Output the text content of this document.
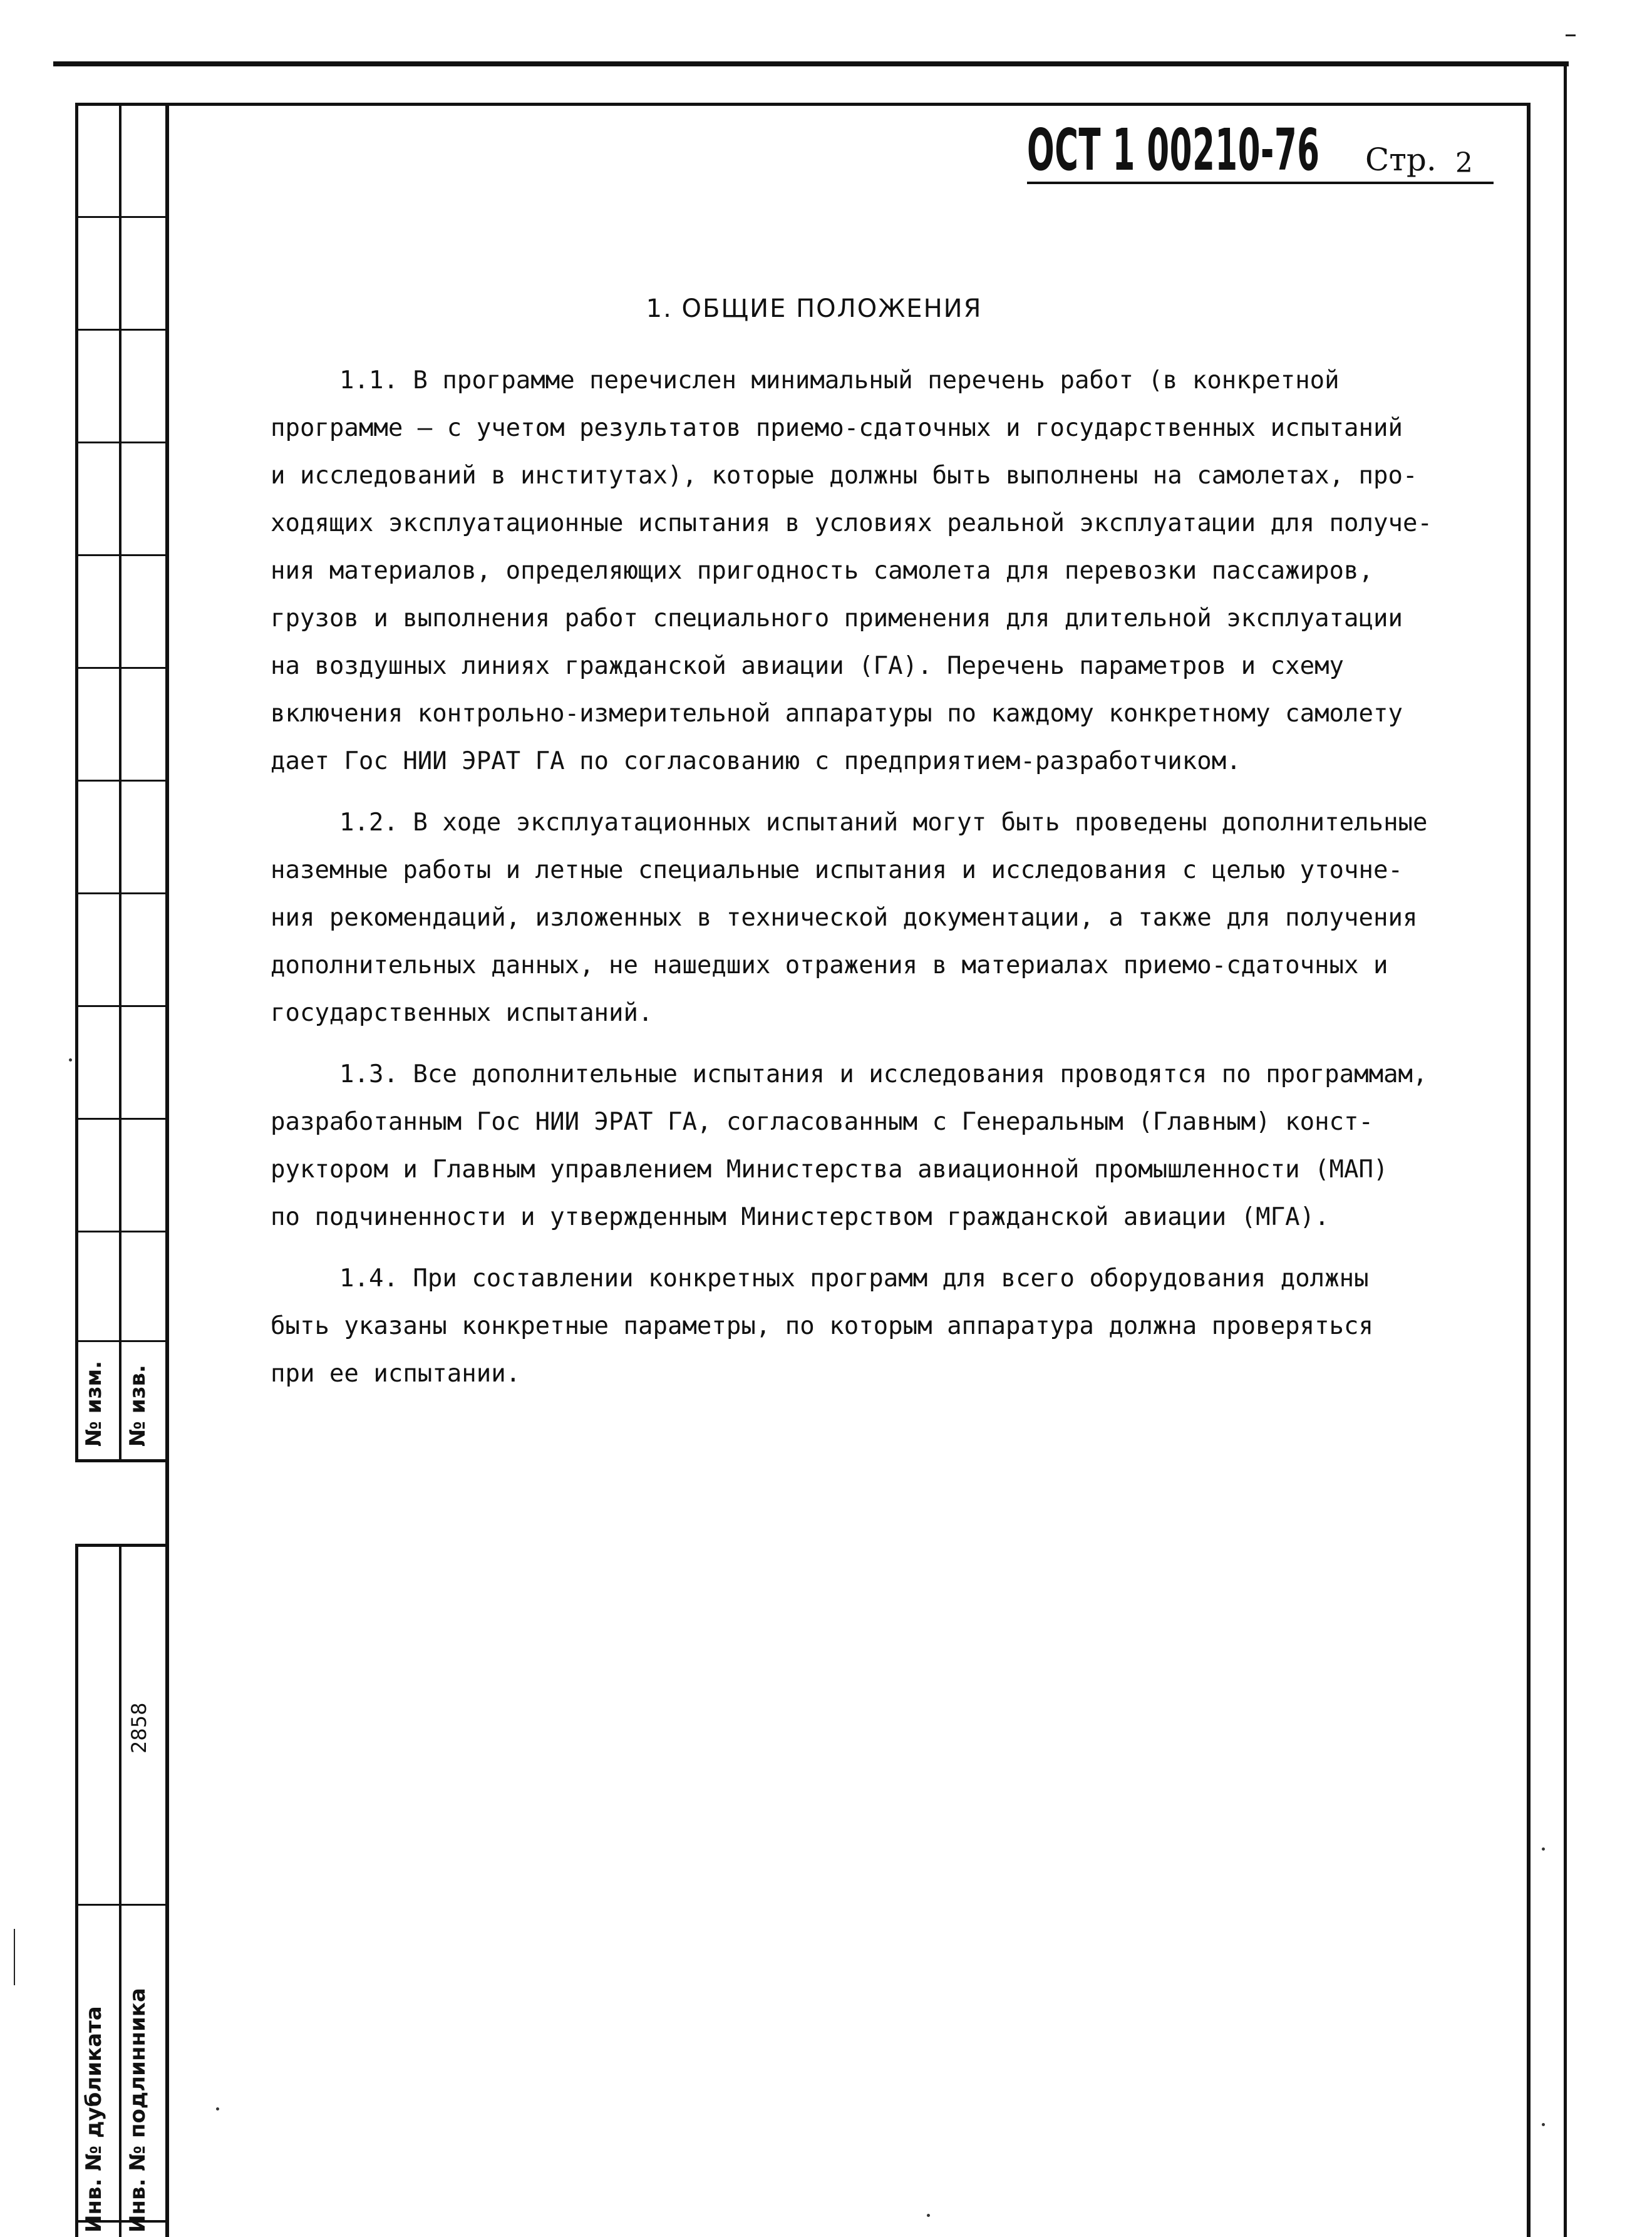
№ изм. № изв.
2858
Инв. № дубликата Инв. № подлинника
ОСТ 1 00210-76 Стр. 2
1. ОБЩИЕ ПОЛОЖЕНИЯ

1.1. В программе перечислен минимальный перечень работ (в конкретной
программе – с учетом результатов приемо-сдаточных и государственных испытаний
и исследований в институтах), которые должны быть выполнены на самолетах, про-
ходящих эксплуатационные испытания в условиях реальной эксплуатации для получе-
ния материалов, определяющих пригодность самолета для перевозки пассажиров,
грузов и выполнения работ специального применения для длительной эксплуатации
на воздушных линиях гражданской авиации (ГА). Перечень параметров и схему
включения контрольно-измерительной аппаратуры по каждому конкретному самолету
дает Гос НИИ ЭРАТ ГА по согласованию с предприятием-разработчиком.

1.2. В ходе эксплуатационных испытаний могут быть проведены дополнительные
наземные работы и летные специальные испытания и исследования с целью уточне-
ния рекомендаций, изложенных в технической документации, а также для получения
дополнительных данных, не нашедших отражения в материалах приемо-сдаточных и
государственных испытаний.

1.3. Все дополнительные испытания и исследования проводятся по программам,
разработанным Гос НИИ ЭРАТ ГА, согласованным с Генеральным (Главным) конст-
руктором и Главным управлением Министерства авиационной промышленности (МАП)
по подчиненности и утвержденным Министерством гражданской авиации (МГА).

1.4. При составлении конкретных программ для всего оборудования должны
быть указаны конкретные параметры, по которым аппаратура должна проверяться
при ее испытании.
